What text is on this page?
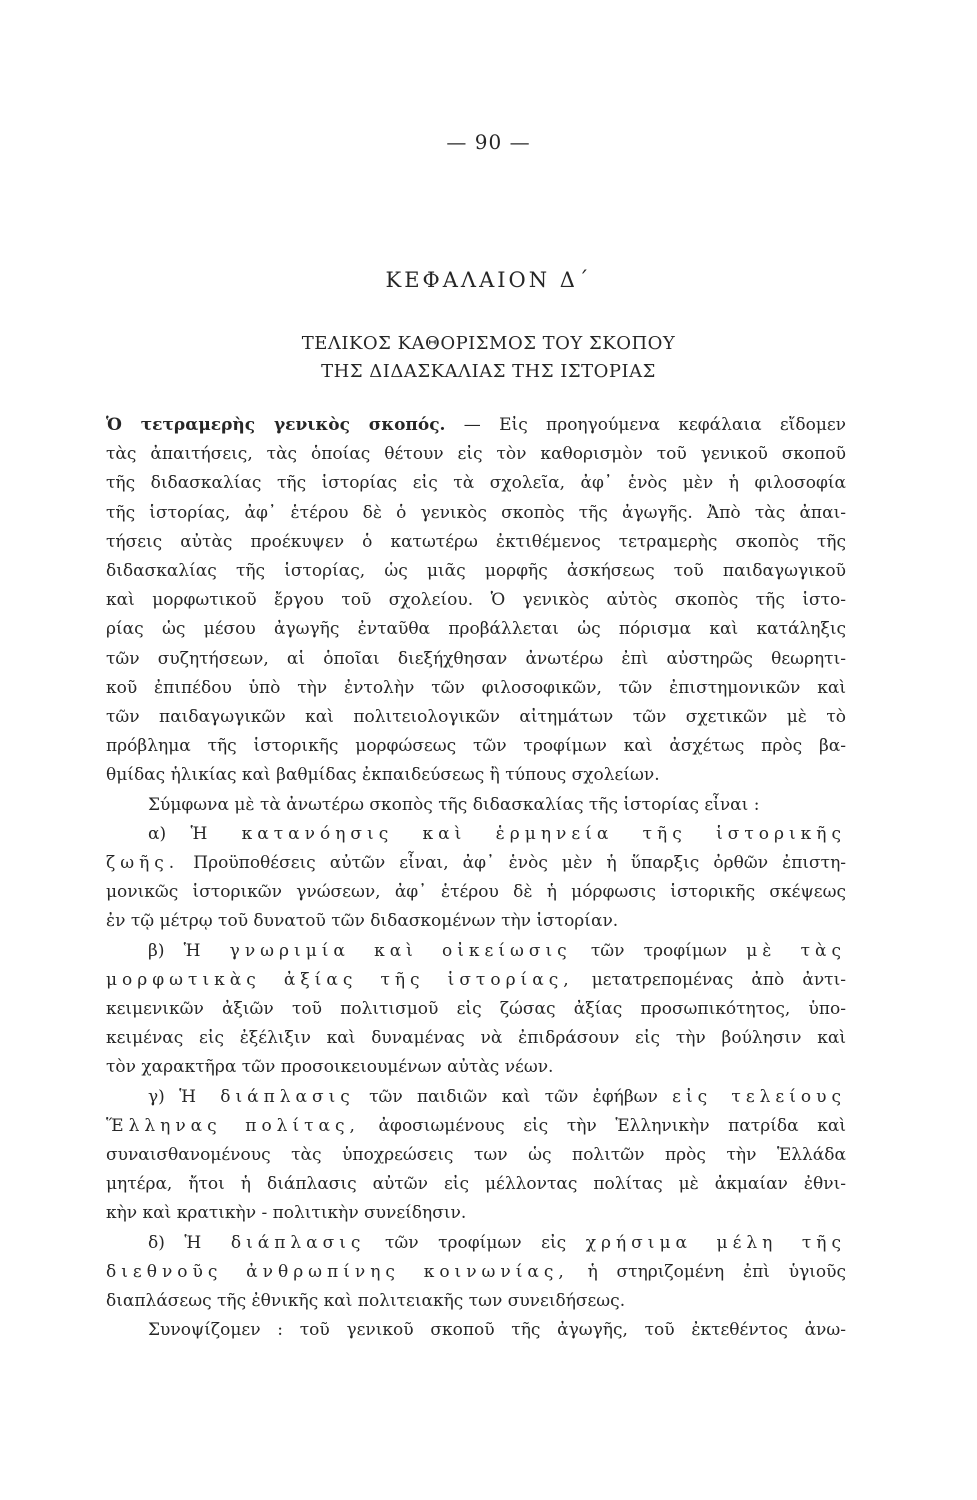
— 90 —
ΚΕΦΑΛΑΙΟΝ Δ΄
ΤΕΛΙΚΟΣ ΚΑΘΟΡΙΣΜΟΣ ΤΟΥ ΣΚΟΠΟΥ
ΤΗΣ ΔΙΔΑΣΚΑΛΙΑΣ ΤΗΣ ΙΣΤΟΡΙΑΣ
Ὁ τετραμερὴς γενικὸς σκοπός. — Εἰς προηγούμενα κεφάλαια εἴδομεν
τὰς ἀπαιτήσεις, τὰς ὁποίας θέτουν εἰς τὸν καθορισμὸν τοῦ γενικοῦ σκοποῦ
τῆς διδασκαλίας τῆς ἱστορίας εἰς τὰ σχολεῖα, ἀφ᾽ ἑνὸς μὲν ἡ φιλοσοφία
τῆς ἱστορίας, ἀφ᾽ ἑτέρου δὲ ὁ γενικὸς σκοπὸς τῆς ἀγωγῆς. Ἀπὸ τὰς ἀπαι-
τήσεις αὐτὰς προέκυψεν ὁ κατωτέρω ἐκτιθέμενος τετραμερὴς σκοπὸς τῆς
διδασκαλίας τῆς ἱστορίας, ὡς μιᾶς μορφῆς ἀσκήσεως τοῦ παιδαγωγικοῦ
καὶ μορφωτικοῦ ἔργου τοῦ σχολείου. Ὁ γενικὸς αὐτὸς σκοπὸς τῆς ἱστο-
ρίας ὡς μέσου ἀγωγῆς ἐνταῦθα προβάλλεται ὡς πόρισμα καὶ κατάληξις
τῶν συζητήσεων, αἱ ὁποῖαι διεξήχθησαν ἀνωτέρω ἐπὶ αὐστηρῶς θεωρητι-
κοῦ ἐπιπέδου ὑπὸ τὴν ἐντολὴν τῶν φιλοσοφικῶν, τῶν ἐπιστημονικῶν καὶ
τῶν παιδαγωγικῶν καὶ πολιτειολογικῶν αἰτημάτων τῶν σχετικῶν μὲ τὸ
πρόβλημα τῆς ἱστορικῆς μορφώσεως τῶν τροφίμων καὶ ἀσχέτως πρὸς βα-
θμίδας ἡλικίας καὶ βαθμίδας ἐκπαιδεύσεως ἢ τύπους σχολείων.
Σύμφωνα μὲ τὰ ἀνωτέρω σκοπὸς τῆς διδασκαλίας τῆς ἱστορίας εἶναι :
α) Ἡ κατανόησις καὶ ἑρμηνεία τῆς ἱστορικῆς
ζωῆς. Προϋποθέσεις αὐτῶν εἶναι, ἀφ᾽ ἑνὸς μὲν ἡ ὕπαρξις ὀρθῶν ἐπιστη-
μονικῶς ἱστορικῶν γνώσεων, ἀφ᾽ ἑτέρου δὲ ἡ μόρφωσις ἱστορικῆς σκέψεως
ἐν τῷ μέτρῳ τοῦ δυνατοῦ τῶν διδασκομένων τὴν ἱστορίαν.
β) Ἡ γνωριμία καὶ οἰκείωσις τῶν τροφίμων μὲ τὰς
μορφωτικὰς ἀξίας τῆς ἱστορίας, μετατρεπομένας ἀπὸ ἀντι-
κειμενικῶν ἀξιῶν τοῦ πολιτισμοῦ εἰς ζώσας ἀξίας προσωπικότητος, ὑπο-
κειμένας εἰς ἐξέλιξιν καὶ δυναμένας νὰ ἐπιδράσουν εἰς τὴν βούλησιν καὶ
τὸν χαρακτῆρα τῶν προσοικειουμένων αὐτὰς νέων.
γ) Ἡ διάπλασις τῶν παιδιῶν καὶ τῶν ἐφήβων εἰς τελείους
Ἕλληνας πολίτας, ἀφοσιωμένους εἰς τὴν Ἑλληνικὴν πατρίδα καὶ
συναισθανομένους τὰς ὑποχρεώσεις των ὡς πολιτῶν πρὸς τὴν Ἑλλάδα
μητέρα, ἤτοι ἡ διάπλασις αὐτῶν εἰς μέλλοντας πολίτας μὲ ἀκμαίαν ἐθνι-
κὴν καὶ κρατικὴν - πολιτικὴν συνείδησιν.
δ) Ἡ διάπλασις τῶν τροφίμων εἰς χρήσιμα μέλη τῆς
διεθνοῦς ἀνθρωπίνης κοινωνίας, ἡ στηριζομένη ἐπὶ ὑγιοῦς
διαπλάσεως τῆς ἐθνικῆς καὶ πολιτειακῆς των συνειδήσεως.
Συνοψίζομεν : τοῦ γενικοῦ σκοποῦ τῆς ἀγωγῆς, τοῦ ἐκτεθέντος ἀνω-
